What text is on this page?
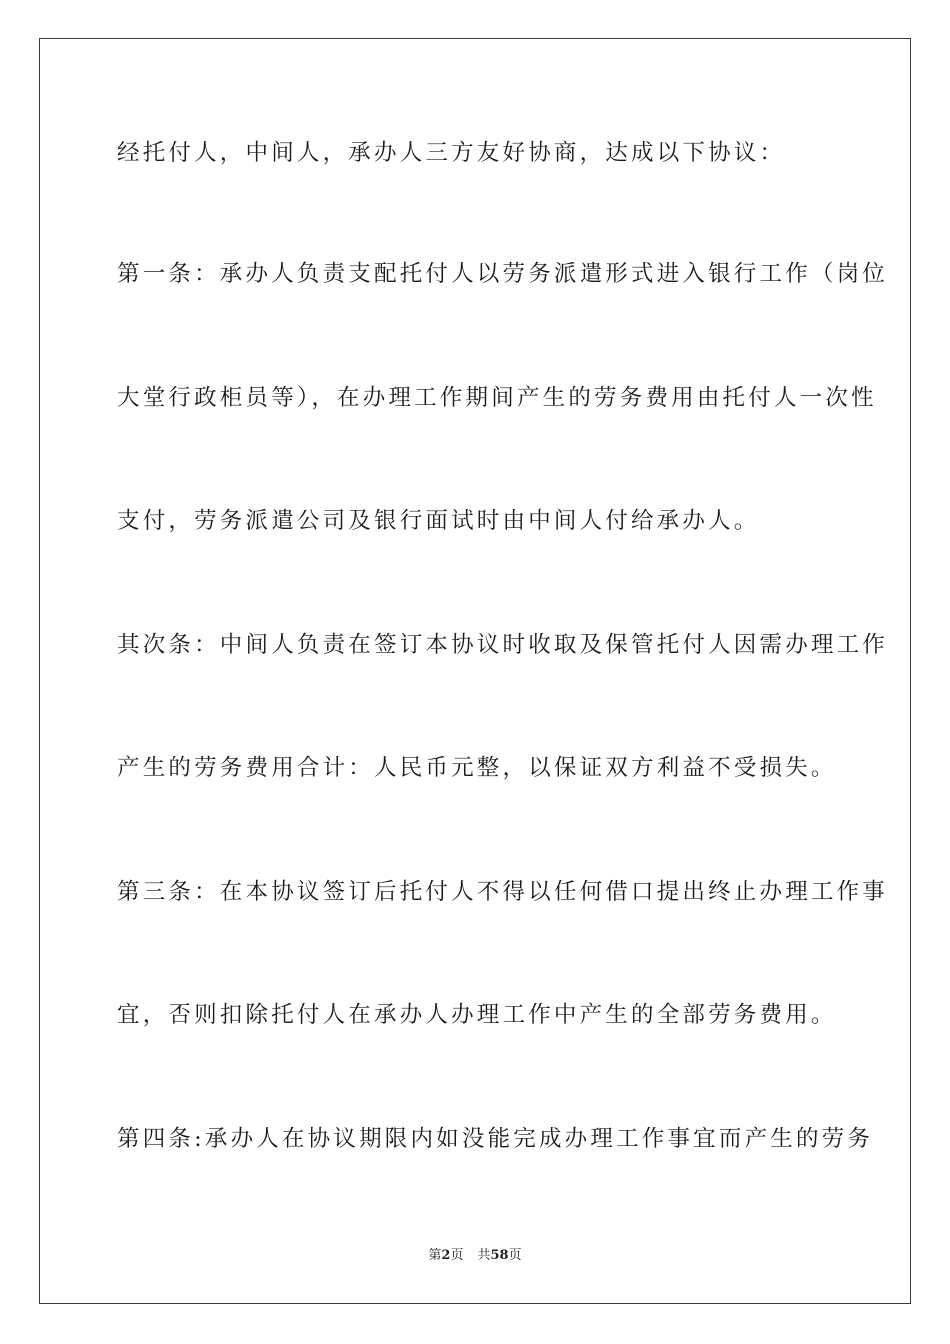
经托付人，中间人，承办人三方友好协商，达成以下协议：
第一条：承办人负责支配托付人以劳务派遣形式进入银行工作（岗位
大堂行政柜员等），在办理工作期间产生的劳务费用由托付人一次性
支付，劳务派遣公司及银行面试时由中间人付给承办人。
其次条：中间人负责在签订本协议时收取及保管托付人因需办理工作
产生的劳务费用合计：人民币元整，以保证双方利益不受损失。
第三条：在本协议签订后托付人不得以任何借口提出终止办理工作事
宜，否则扣除托付人在承办人办理工作中产生的全部劳务费用。
第四条:承办人在协议期限内如没能完成办理工作事宜而产生的劳务
第2页 共58页
